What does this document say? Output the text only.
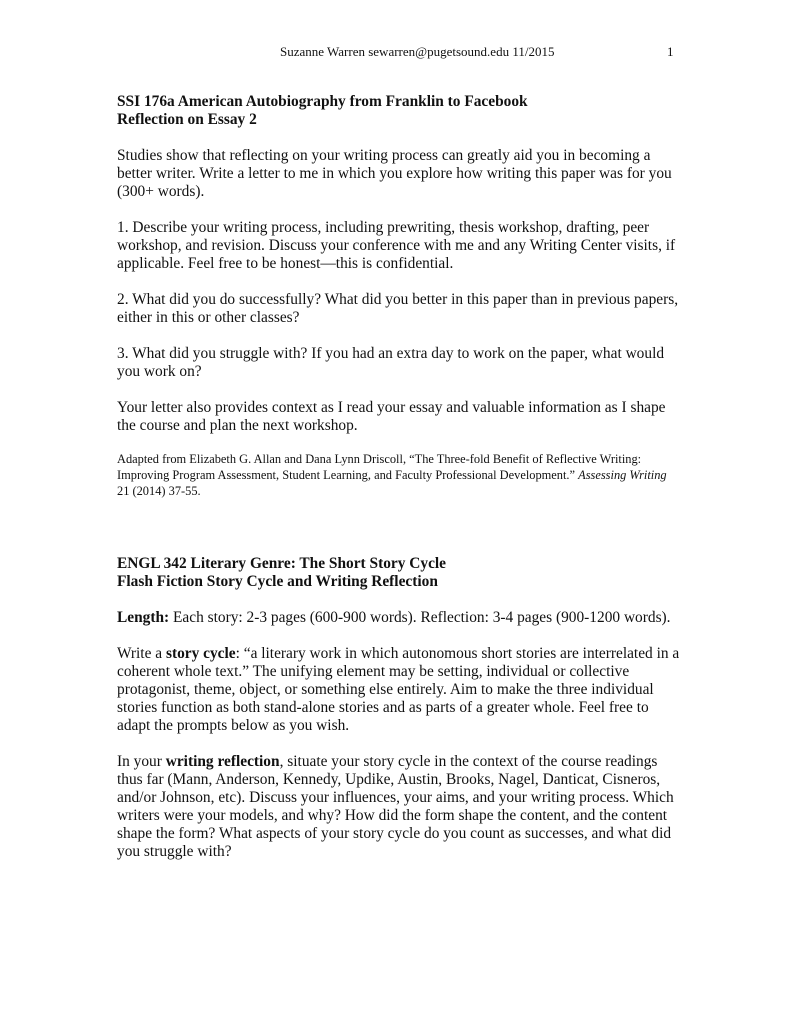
Suzanne Warren sewarren@pugetsound.edu 11/2015	1

SSI 176a American Autobiography from Franklin to Facebook

Reflection on Essay 2

Studies show that reflecting on your writing process can greatly aid you in becoming a better writer. Write a letter to me in which you explore how writing this paper was for you (300+ words).

1. Describe your writing process, including prewriting, thesis workshop, drafting, peer workshop, and revision. Discuss your conference with me and any Writing Center visits, if applicable. Feel free to be honest—this is confidential.

2. What did you do successfully? What did you better in this paper than in previous papers, either in this or other classes?

3. What did you struggle with? If you had an extra day to work on the paper, what would you work on?

Your letter also provides context as I read your essay and valuable information as I shape the course and plan the next workshop.

Adapted from Elizabeth G. Allan and Dana Lynn Driscoll, “The Three-fold Benefit of Reflective Writing: Improving Program Assessment, Student Learning, and Faculty Professional Development.” Assessing Writing 21 (2014) 37-55.

ENGL 342 Literary Genre: The Short Story Cycle

Flash Fiction Story Cycle and Writing Reflection

Length: Each story: 2-3 pages (600-900 words). Reflection: 3-4 pages (900-1200 words).

Write a story cycle: “a literary work in which autonomous short stories are interrelated in a coherent whole text.” The unifying element may be setting, individual or collective protagonist, theme, object, or something else entirely. Aim to make the three individual stories function as both stand-alone stories and as parts of a greater whole. Feel free to adapt the prompts below as you wish.

In your writing reflection, situate your story cycle in the context of the course readings thus far (Mann, Anderson, Kennedy, Updike, Austin, Brooks, Nagel, Danticat, Cisneros, and/or Johnson, etc). Discuss your influences, your aims, and your writing process. Which writers were your models, and why? How did the form shape the content, and the content shape the form? What aspects of your story cycle do you count as successes, and what did you struggle with?
